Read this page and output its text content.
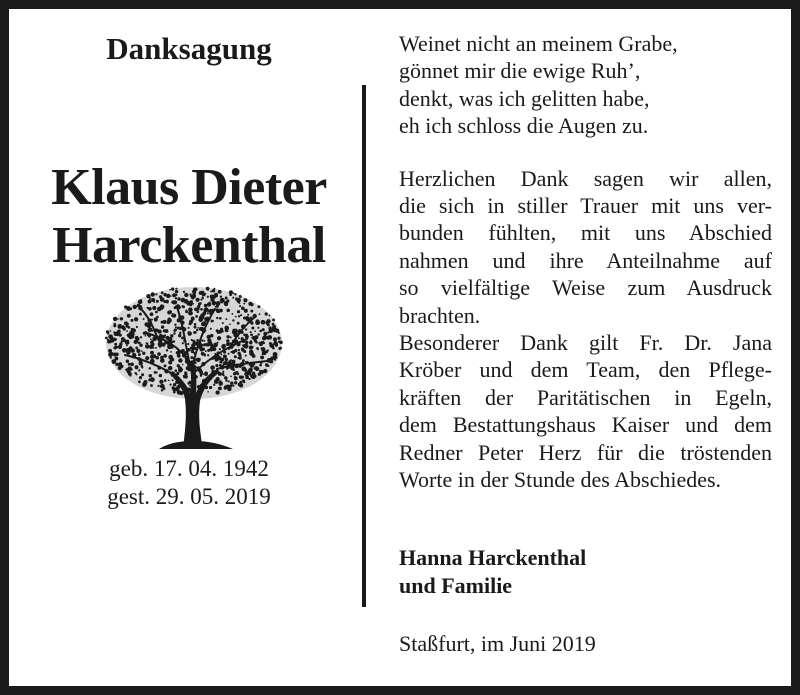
Danksagung
Klaus Dieter
Harckenthal
geb. 17. 04. 1942
gest. 29. 05. 2019
Weinet nicht an meinem Grabe,
gönnet mir die ewige Ruh’,
denkt, was ich gelitten habe,
eh ich schloss die Augen zu.
Herzlichen Dank sagen wir allen,
die sich in stiller Trauer mit uns ver-
bunden fühlten, mit uns Abschied
nahmen und ihre Anteilnahme auf
so vielfältige Weise zum Ausdruck
brachten.
Besonderer Dank gilt Fr. Dr. Jana
Kröber und dem Team, den Pflege-
kräften der Paritätischen in Egeln,
dem Bestattungshaus Kaiser und dem
Redner Peter Herz für die tröstenden
Worte in der Stunde des Abschiedes.
Hanna Harckenthal
und Familie
Staßfurt, im Juni 2019
